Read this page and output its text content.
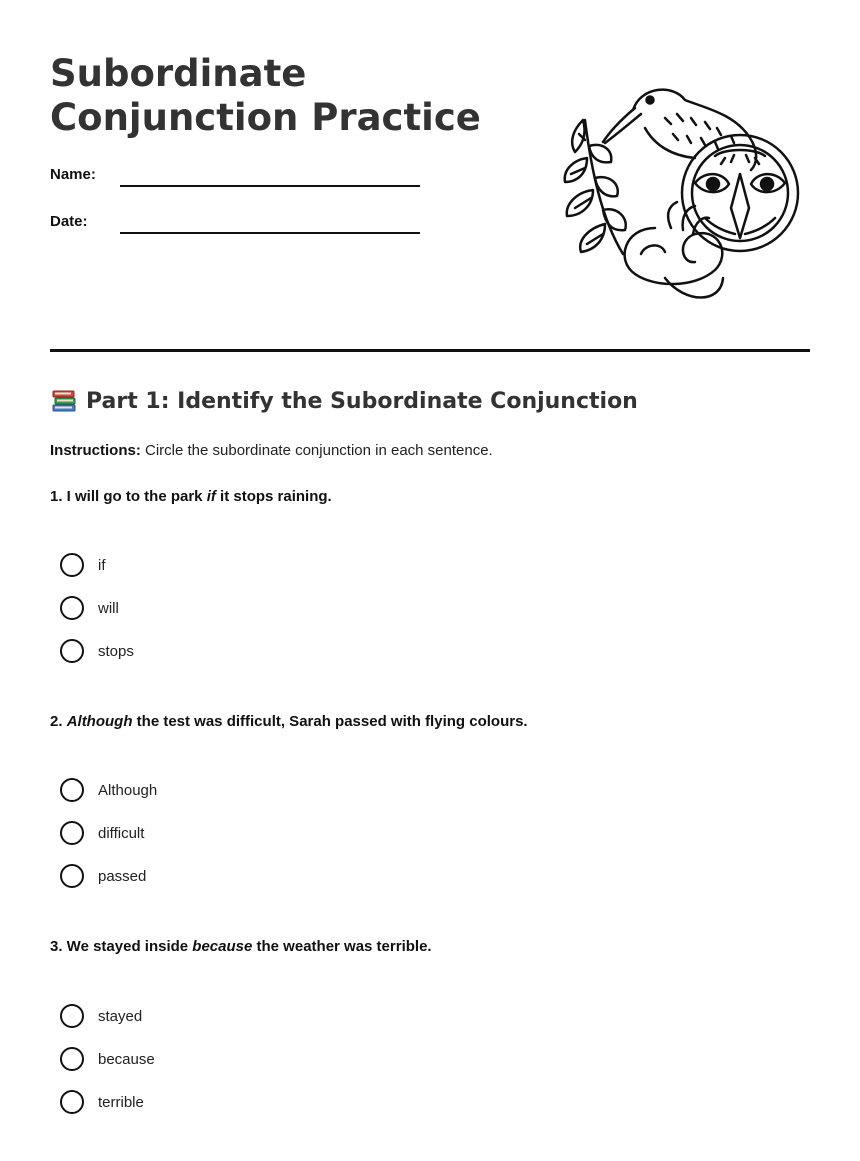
Subordinate
Conjunction Practice
Name:
Date:
Part 1: Identify the Subordinate Conjunction
Instructions: Circle the subordinate conjunction in each sentence.
1. I will go to the park if it stops raining.
if
will
stops
2. Although the test was difficult, Sarah passed with flying colours.
Although
difficult
passed
3. We stayed inside because the weather was terrible.
stayed
because
terrible
